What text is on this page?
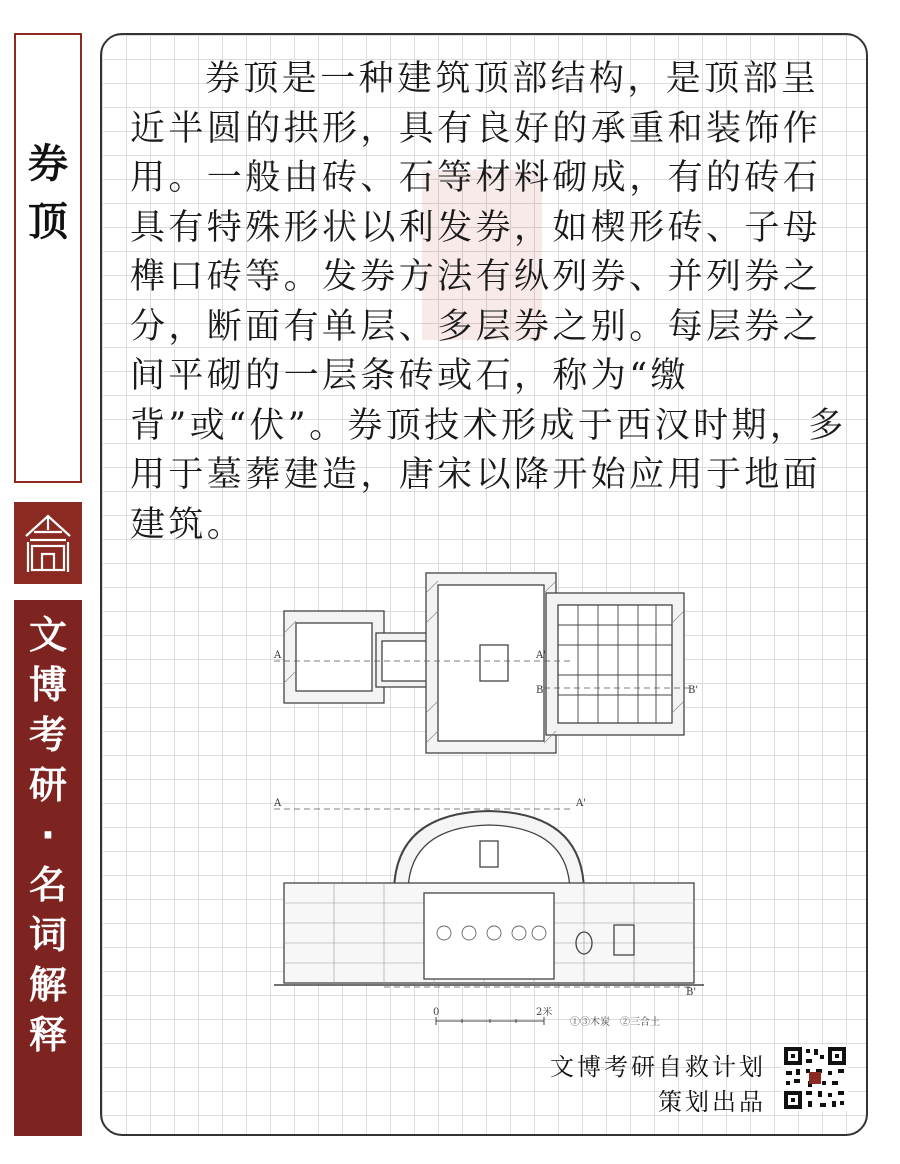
券
顶
文
博
考
研
·
名
词
解
释

券顶是一种建筑顶部结构，是顶部呈近半圆的拱形，具有良好的承重和装饰作用。一般由砖、石等材料砌成，有的砖石具有特殊形状以利发券，如楔形砖、子母榫口砖等。发券方法有纵列券、并列券之分，断面有单层、多层券之别。每层券之间平砌的一层条砖或石，称为“缴背”或“伏”。券顶技术形成于西汉时期，多用于墓葬建造，唐宋以降开始应用于地面建筑。

A	A'
B	B'
A	A'
B'
0	2米
①③木炭　②三合土
文博考研自救计划
策划出品
